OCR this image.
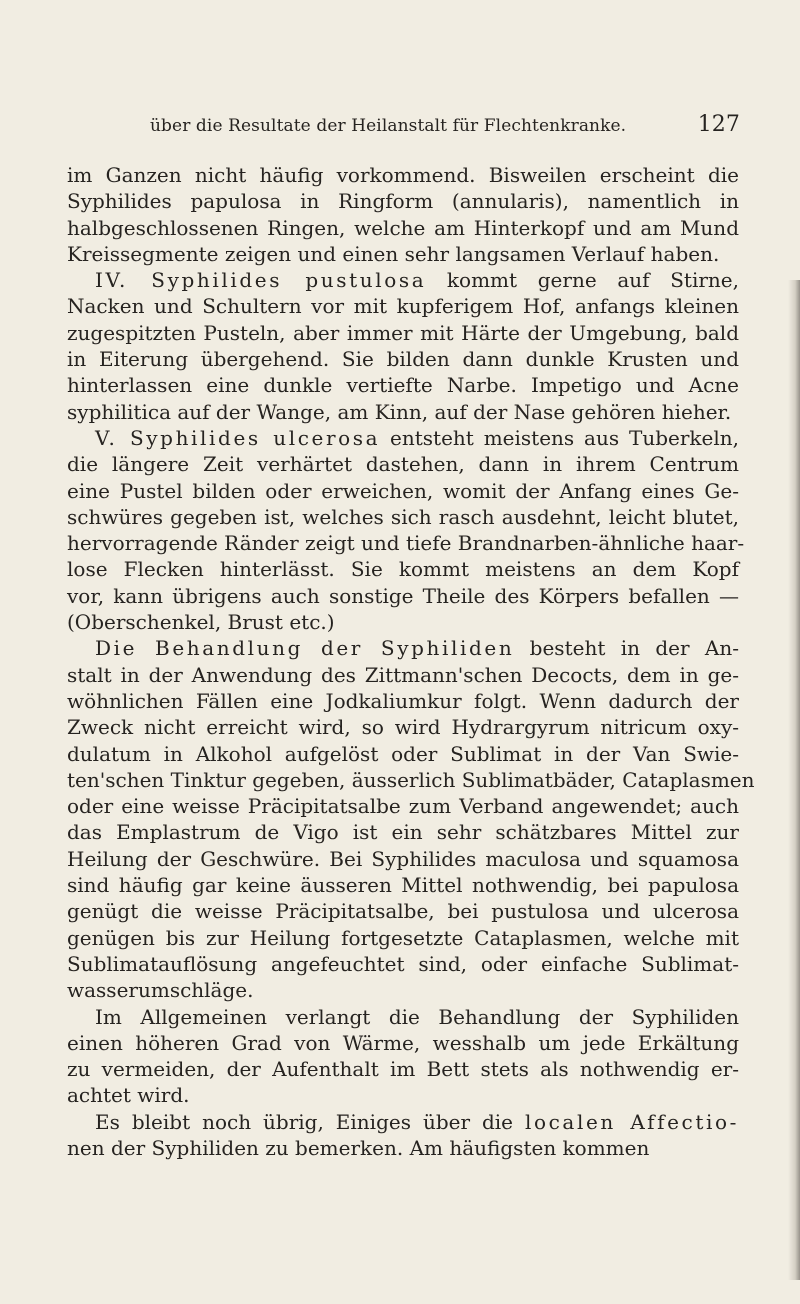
über die Resultate der Heilanstalt für Flechtenkranke.	127
im Ganzen nicht häufig vorkommend. Bisweilen erscheint die
Syphilides papulosa in Ringform (annularis), namentlich in
halbgeschlossenen Ringen, welche am Hinterkopf und am Mund
Kreissegmente zeigen und einen sehr langsamen Verlauf haben.
IV. Syphilides pustulosa kommt gerne auf Stirne,
Nacken und Schultern vor mit kupferigem Hof, anfangs kleinen
zugespitzten Pusteln, aber immer mit Härte der Umgebung, bald
in Eiterung übergehend. Sie bilden dann dunkle Krusten und
hinterlassen eine dunkle vertiefte Narbe. Impetigo und Acne
syphilitica auf der Wange, am Kinn, auf der Nase gehören hieher.
V. Syphilides ulcerosa entsteht meistens aus Tuberkeln,
die längere Zeit verhärtet dastehen, dann in ihrem Centrum
eine Pustel bilden oder erweichen, womit der Anfang eines Ge-
schwüres gegeben ist, welches sich rasch ausdehnt, leicht blutet,
hervorragende Ränder zeigt und tiefe Brandnarben-ähnliche haar-
lose Flecken hinterlässt. Sie kommt meistens an dem Kopf
vor, kann übrigens auch sonstige Theile des Körpers befallen —
(Oberschenkel, Brust etc.)
Die Behandlung der Syphiliden besteht in der An-
stalt in der Anwendung des Zittmann'schen Decocts, dem in ge-
wöhnlichen Fällen eine Jodkaliumkur folgt. Wenn dadurch der
Zweck nicht erreicht wird, so wird Hydrargyrum nitricum oxy-
dulatum in Alkohol aufgelöst oder Sublimat in der Van Swie-
ten'schen Tinktur gegeben, äusserlich Sublimatbäder, Cataplasmen
oder eine weisse Präcipitatsalbe zum Verband angewendet; auch
das Emplastrum de Vigo ist ein sehr schätzbares Mittel zur
Heilung der Geschwüre. Bei Syphilides maculosa und squamosa
sind häufig gar keine äusseren Mittel nothwendig, bei papulosa
genügt die weisse Präcipitatsalbe, bei pustulosa und ulcerosa
genügen bis zur Heilung fortgesetzte Cataplasmen, welche mit
Sublimatauflösung angefeuchtet sind, oder einfache Sublimat-
wasserumschläge.
Im Allgemeinen verlangt die Behandlung der Syphiliden
einen höheren Grad von Wärme, wesshalb um jede Erkältung
zu vermeiden, der Aufenthalt im Bett stets als nothwendig er-
achtet wird.
Es bleibt noch übrig, Einiges über die localen Affectio-
nen der Syphiliden zu bemerken. Am häufigsten kommen
